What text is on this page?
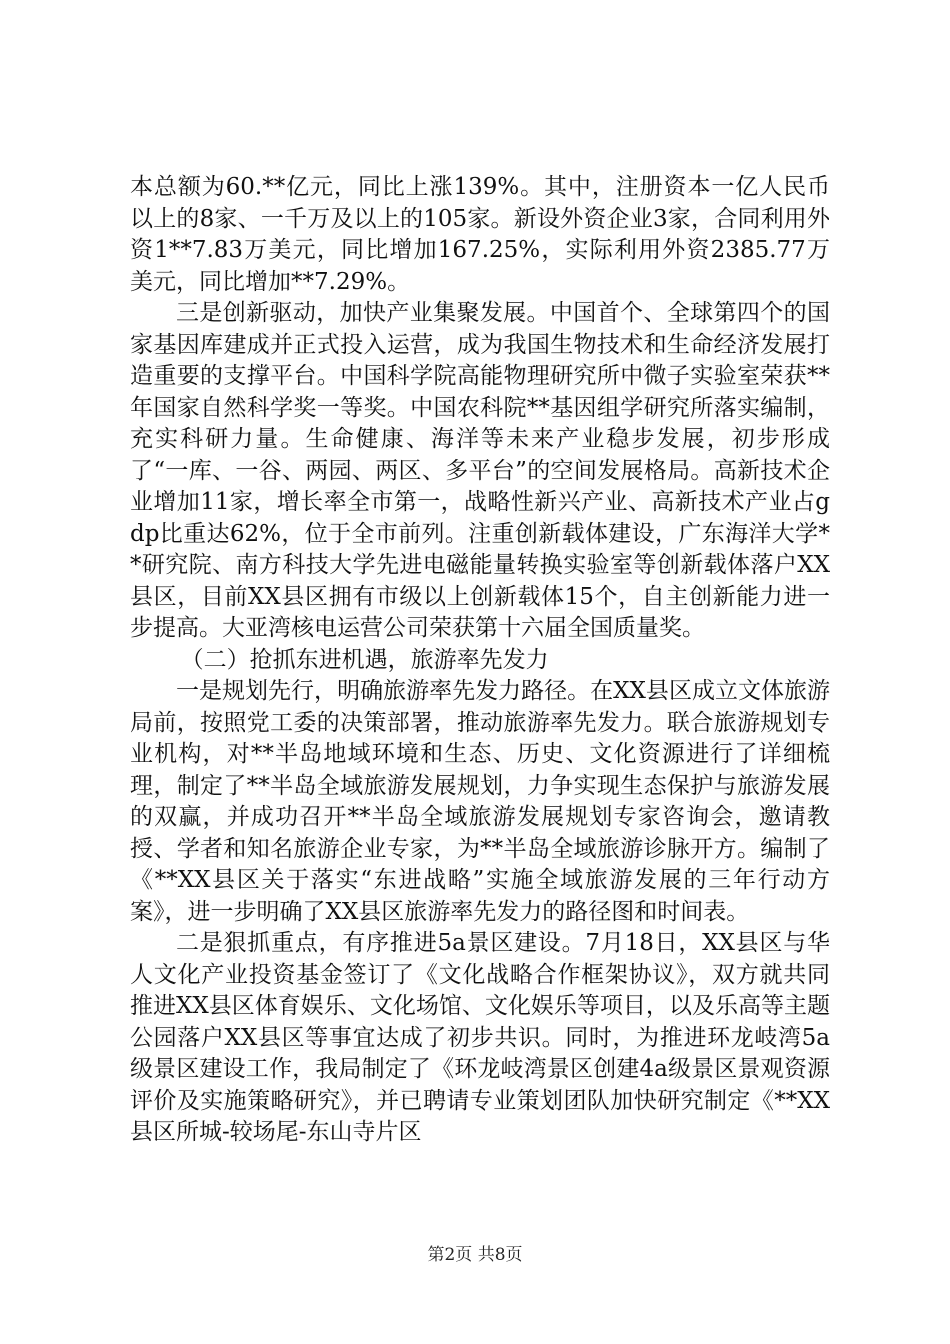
本总额为60.**亿元，同比上涨139%。其中，注册资本一亿人民币以上的8家、一千万及以上的105家。新设外资企业3家，合同利用外资1**7.83万美元，同比增加167.25%，实际利用外资2385.77万美元，同比增加**7.29%。

三是创新驱动，加快产业集聚发展。中国首个、全球第四个的国家基因库建成并正式投入运营，成为我国生物技术和生命经济发展打造重要的支撑平台。中国科学院高能物理研究所中微子实验室荣获**年国家自然科学奖一等奖。中国农科院**基因组学研究所落实编制，充实科研力量。生命健康、海洋等未来产业稳步发展，初步形成了“一库、一谷、两园、两区、多平台”的空间发展格局。高新技术企业增加11家，增长率全市第一，战略性新兴产业、高新技术产业占gdp比重达62%，位于全市前列。注重创新载体建设，广东海洋大学**研究院、南方科技大学先进电磁能量转换实验室等创新载体落户XX县区，目前XX县区拥有市级以上创新载体15个，自主创新能力进一步提高。大亚湾核电运营公司荣获第十六届全国质量奖。

（二）抢抓东进机遇，旅游率先发力

一是规划先行，明确旅游率先发力路径。在XX县区成立文体旅游局前，按照党工委的决策部署，推动旅游率先发力。联合旅游规划专业机构，对**半岛地域环境和生态、历史、文化资源进行了详细梳理，制定了**半岛全域旅游发展规划，力争实现生态保护与旅游发展的双赢，并成功召开**半岛全域旅游发展规划专家咨询会，邀请教授、学者和知名旅游企业专家，为**半岛全域旅游诊脉开方。编制了《**XX县区关于落实“东进战略”实施全域旅游发展的三年行动方案》，进一步明确了XX县区旅游率先发力的路径图和时间表。

二是狠抓重点，有序推进5a景区建设。7月18日，XX县区与华人文化产业投资基金签订了《文化战略合作框架协议》，双方就共同推进XX县区体育娱乐、文化场馆、文化娱乐等项目，以及乐高等主题公园落户XX县区等事宜达成了初步共识。同时，为推进环龙岐湾5a级景区建设工作，我局制定了《环龙岐湾景区创建4a级景区景观资源评价及实施策略研究》，并已聘请专业策划团队加快研究制定《**XX县区所城-较场尾-东山寺片区

第2页 共8页
